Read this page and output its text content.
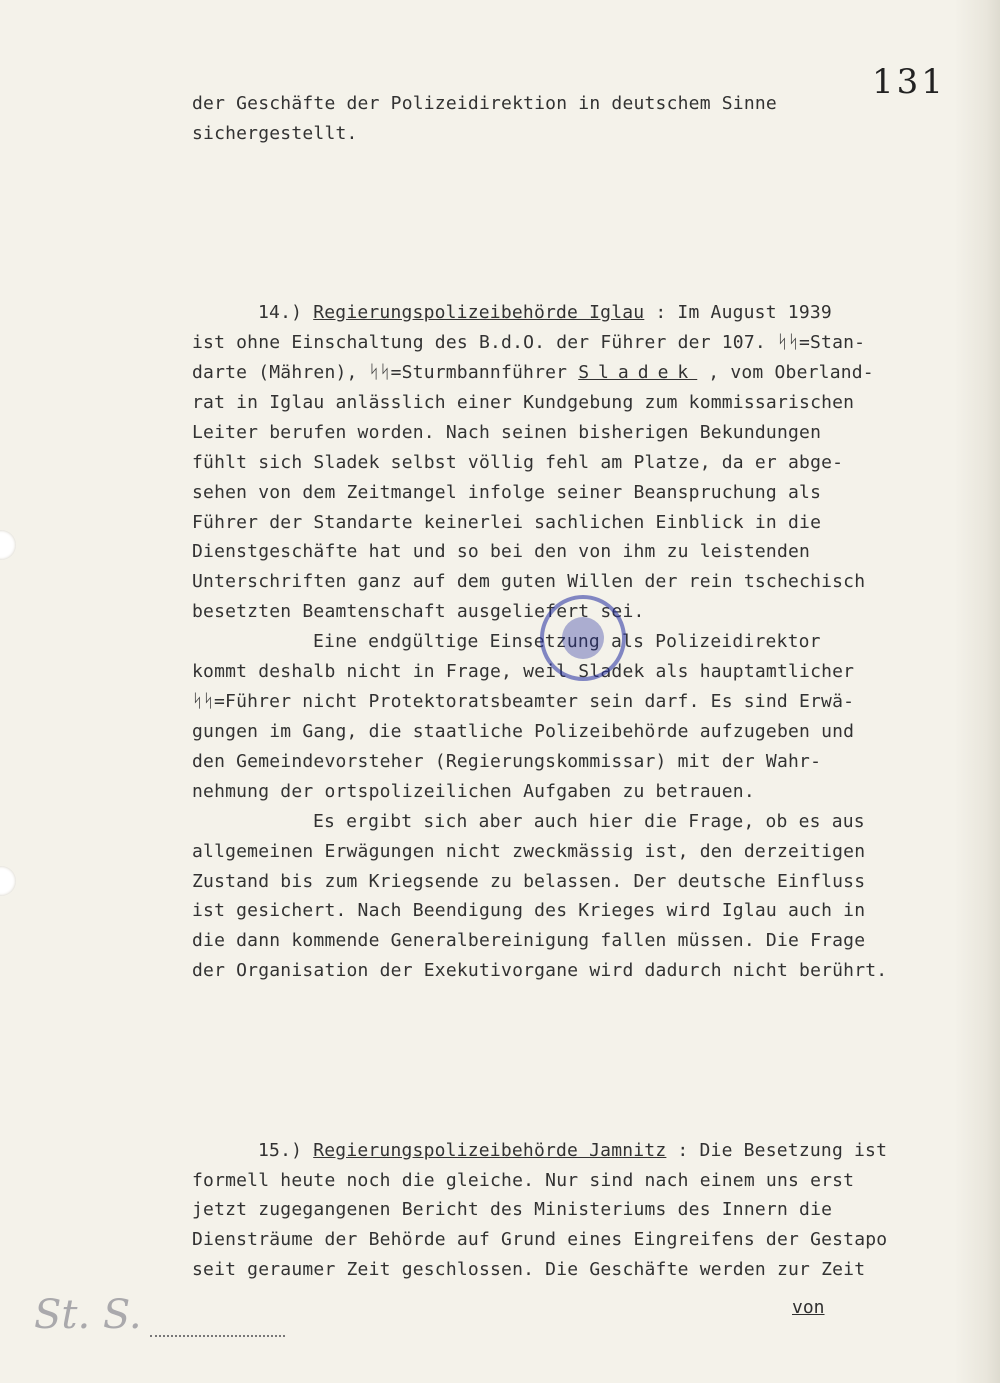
131
der Geschäfte der Polizeidirektion in deutschem Sinne
sichergestellt.
14.) Regierungspolizeibehörde Iglau : Im August 1939
ist ohne Einschaltung des B.d.O. der Führer der 107. ᛋᛋ=Stan-
darte (Mähren), ᛋᛋ=Sturmbannführer Sladek , vom Oberland-
rat in Iglau anlässlich einer Kundgebung zum kommissarischen
Leiter berufen worden. Nach seinen bisherigen Bekundungen
fühlt sich Sladek selbst völlig fehl am Platze, da er abge-
sehen von dem Zeitmangel infolge seiner Beanspruchung als
Führer der Standarte keinerlei sachlichen Einblick in die
Dienstgeschäfte hat und so bei den von ihm zu leistenden
Unterschriften ganz auf dem guten Willen der rein tschechisch
besetzten Beamtenschaft ausgeliefert sei.
Eine endgültige Einsetzung als Polizeidirektor
kommt deshalb nicht in Frage, weil Sladek als hauptamtlicher
ᛋᛋ=Führer nicht Protektoratsbeamter sein darf. Es sind Erwä-
gungen im Gang, die staatliche Polizeibehörde aufzugeben und
den Gemeindevorsteher (Regierungskommissar) mit der Wahr-
nehmung der ortspolizeilichen Aufgaben zu betrauen.
Es ergibt sich aber auch hier die Frage, ob es aus
allgemeinen Erwägungen nicht zweckmässig ist, den derzeitigen
Zustand bis zum Kriegsende zu belassen. Der deutsche Einfluss
ist gesichert. Nach Beendigung des Krieges wird Iglau auch in
die dann kommende Generalbereinigung fallen müssen. Die Frage
der Organisation der Exekutivorgane wird dadurch nicht berührt.
15.) Regierungspolizeibehörde Jamnitz : Die Besetzung ist
formell heute noch die gleiche. Nur sind nach einem uns erst
jetzt zugegangenen Bericht des Ministeriums des Innern die
Diensträume der Behörde auf Grund eines Eingreifens der Gestapo
seit geraumer Zeit geschlossen. Die Geschäfte werden zur Zeit
St. S.	von
